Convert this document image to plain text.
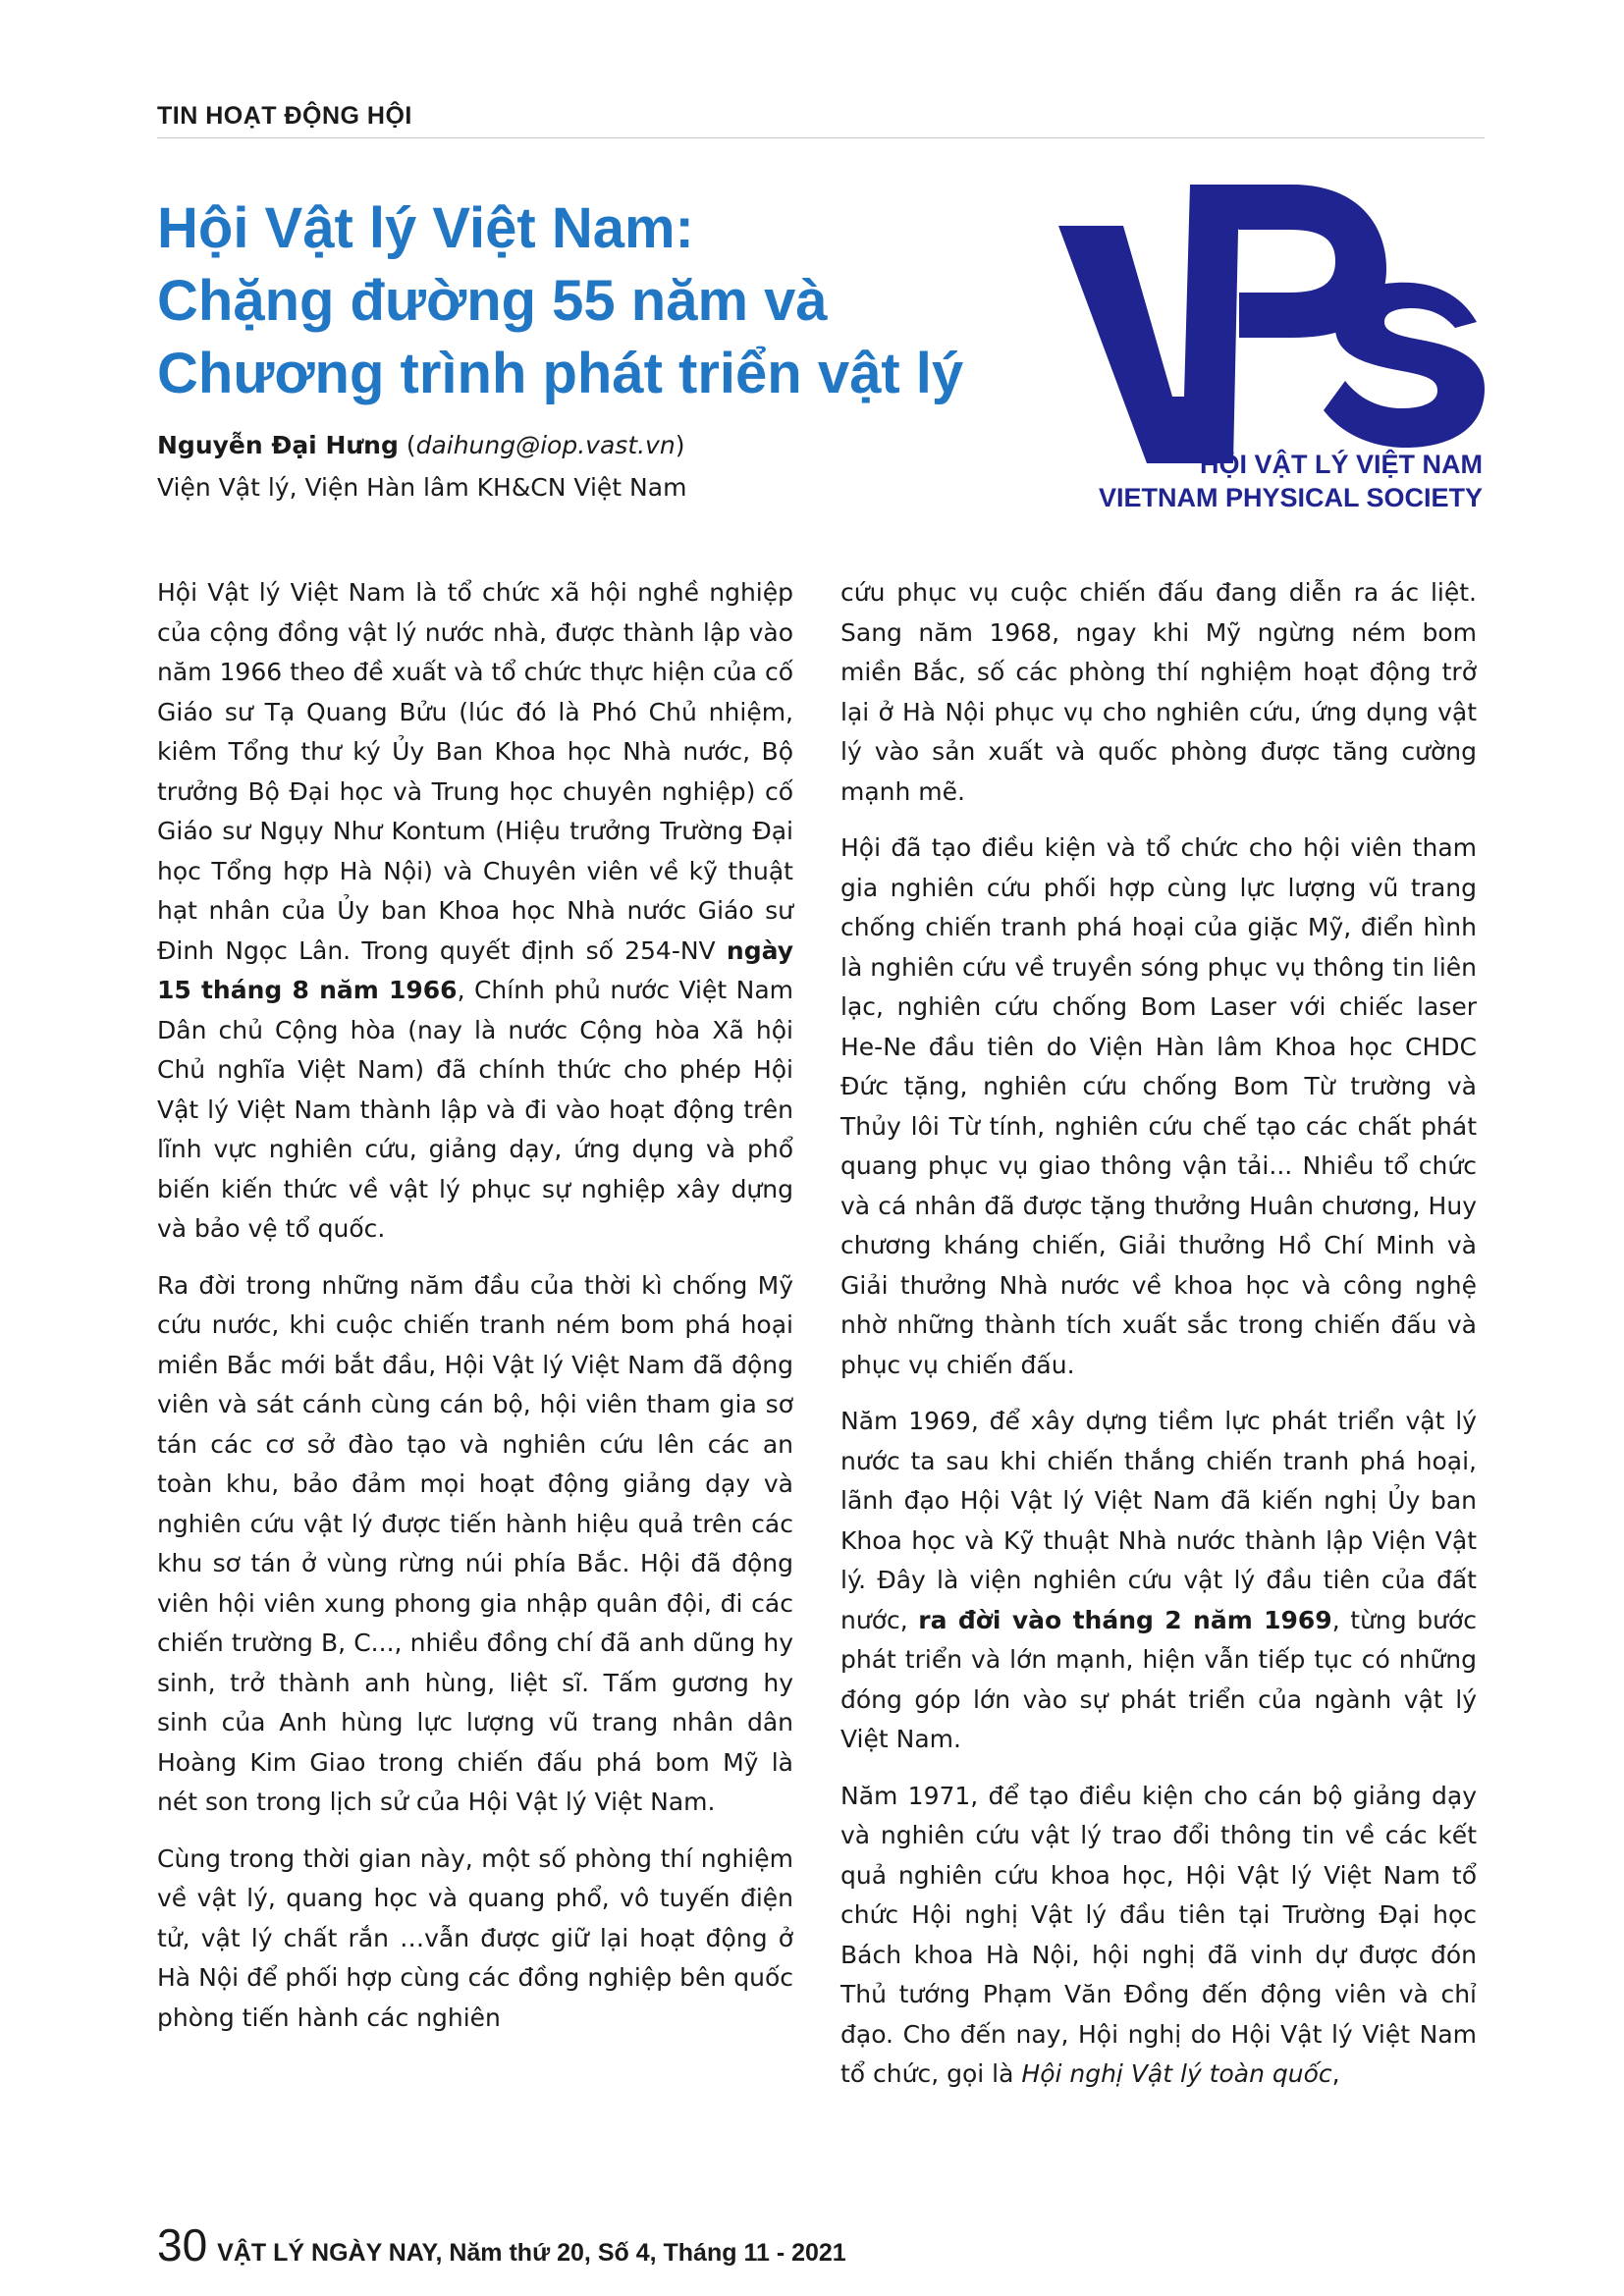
TIN HOẠT ĐỘNG HỘI
Hội Vật lý Việt Nam:
Chặng đường 55 năm và
Chương trình phát triển vật lý
Nguyễn Đại Hưng (daihung@iop.vast.vn)
Viện Vật lý, Viện Hàn lâm KH&CN Việt Nam
HỘI VẬT LÝ VIỆT NAM
VIETNAM PHYSICAL SOCIETY

Hội Vật lý Việt Nam là tổ chức xã hội nghề nghiệp của cộng đồng vật lý nước nhà, được thành lập vào năm 1966 theo đề xuất và tổ chức thực hiện của cố Giáo sư Tạ Quang Bửu (lúc đó là Phó Chủ nhiệm, kiêm Tổng thư ký Ủy Ban Khoa học Nhà nước, Bộ trưởng Bộ Đại học và Trung học chuyên nghiệp) cố Giáo sư Ngụy Như Kontum (Hiệu trưởng Trường Đại học Tổng hợp Hà Nội) và Chuyên viên về kỹ thuật hạt nhân của Ủy ban Khoa học Nhà nước Giáo sư Đinh Ngọc Lân. Trong quyết định số 254-NV ngày 15 tháng 8 năm 1966, Chính phủ nước Việt Nam Dân chủ Cộng hòa (nay là nước Cộng hòa Xã hội Chủ nghĩa Việt Nam) đã chính thức cho phép Hội Vật lý Việt Nam thành lập và đi vào hoạt động trên lĩnh vực nghiên cứu, giảng dạy, ứng dụng và phổ biến kiến thức về vật lý phục sự nghiệp xây dựng và bảo vệ tổ quốc.

Ra đời trong những năm đầu của thời kì chống Mỹ cứu nước, khi cuộc chiến tranh ném bom phá hoại miền Bắc mới bắt đầu, Hội Vật lý Việt Nam đã động viên và sát cánh cùng cán bộ, hội viên tham gia sơ tán các cơ sở đào tạo và nghiên cứu lên các an toàn khu, bảo đảm mọi hoạt động giảng dạy và nghiên cứu vật lý được tiến hành hiệu quả trên các khu sơ tán ở vùng rừng núi phía Bắc. Hội đã động viên hội viên xung phong gia nhập quân đội, đi các chiến trường B, C..., nhiều đồng chí đã anh dũng hy sinh, trở thành anh hùng, liệt sĩ. Tấm gương hy sinh của Anh hùng lực lượng vũ trang nhân dân Hoàng Kim Giao trong chiến đấu phá bom Mỹ là nét son trong lịch sử của Hội Vật lý Việt Nam.

Cùng trong thời gian này, một số phòng thí nghiệm về vật lý, quang học và quang phổ, vô tuyến điện tử, vật lý chất rắn …vẫn được giữ lại hoạt động ở Hà Nội để phối hợp cùng các đồng nghiệp bên quốc phòng tiến hành các nghiên

cứu phục vụ cuộc chiến đấu đang diễn ra ác liệt. Sang năm 1968, ngay khi Mỹ ngừng ném bom miền Bắc, số các phòng thí nghiệm hoạt động trở lại ở Hà Nội phục vụ cho nghiên cứu, ứng dụng vật lý vào sản xuất và quốc phòng được tăng cường mạnh mẽ.

Hội đã tạo điều kiện và tổ chức cho hội viên tham gia nghiên cứu phối hợp cùng lực lượng vũ trang chống chiến tranh phá hoại của giặc Mỹ, điển hình là nghiên cứu về truyền sóng phục vụ thông tin liên lạc, nghiên cứu chống Bom Laser với chiếc laser He-Ne đầu tiên do Viện Hàn lâm Khoa học CHDC Đức tặng, nghiên cứu chống Bom Từ trường và Thủy lôi Từ tính, nghiên cứu chế tạo các chất phát quang phục vụ giao thông vận tải... Nhiều tổ chức và cá nhân đã được tặng thưởng Huân chương, Huy chương kháng chiến, Giải thưởng Hồ Chí Minh và Giải thưởng Nhà nước về khoa học và công nghệ nhờ những thành tích xuất sắc trong chiến đấu và phục vụ chiến đấu.

Năm 1969, để xây dựng tiềm lực phát triển vật lý nước ta sau khi chiến thắng chiến tranh phá hoại, lãnh đạo Hội Vật lý Việt Nam đã kiến nghị Ủy ban Khoa học và Kỹ thuật Nhà nước thành lập Viện Vật lý. Đây là viện nghiên cứu vật lý đầu tiên của đất nước, ra đời vào tháng 2 năm 1969, từng bước phát triển và lớn mạnh, hiện vẫn tiếp tục có những đóng góp lớn vào sự phát triển của ngành vật lý Việt Nam.

Năm 1971, để tạo điều kiện cho cán bộ giảng dạy và nghiên cứu vật lý trao đổi thông tin về các kết quả nghiên cứu khoa học, Hội Vật lý Việt Nam tổ chức Hội nghị Vật lý đầu tiên tại Trường Đại học Bách khoa Hà Nội, hội nghị đã vinh dự được đón Thủ tướng Phạm Văn Đồng đến động viên và chỉ đạo. Cho đến nay, Hội nghị do Hội Vật lý Việt Nam tổ chức, gọi là Hội nghị Vật lý toàn quốc,

30 VẬT LÝ NGÀY NAY, Năm thứ 20, Số 4, Tháng 11 - 2021
